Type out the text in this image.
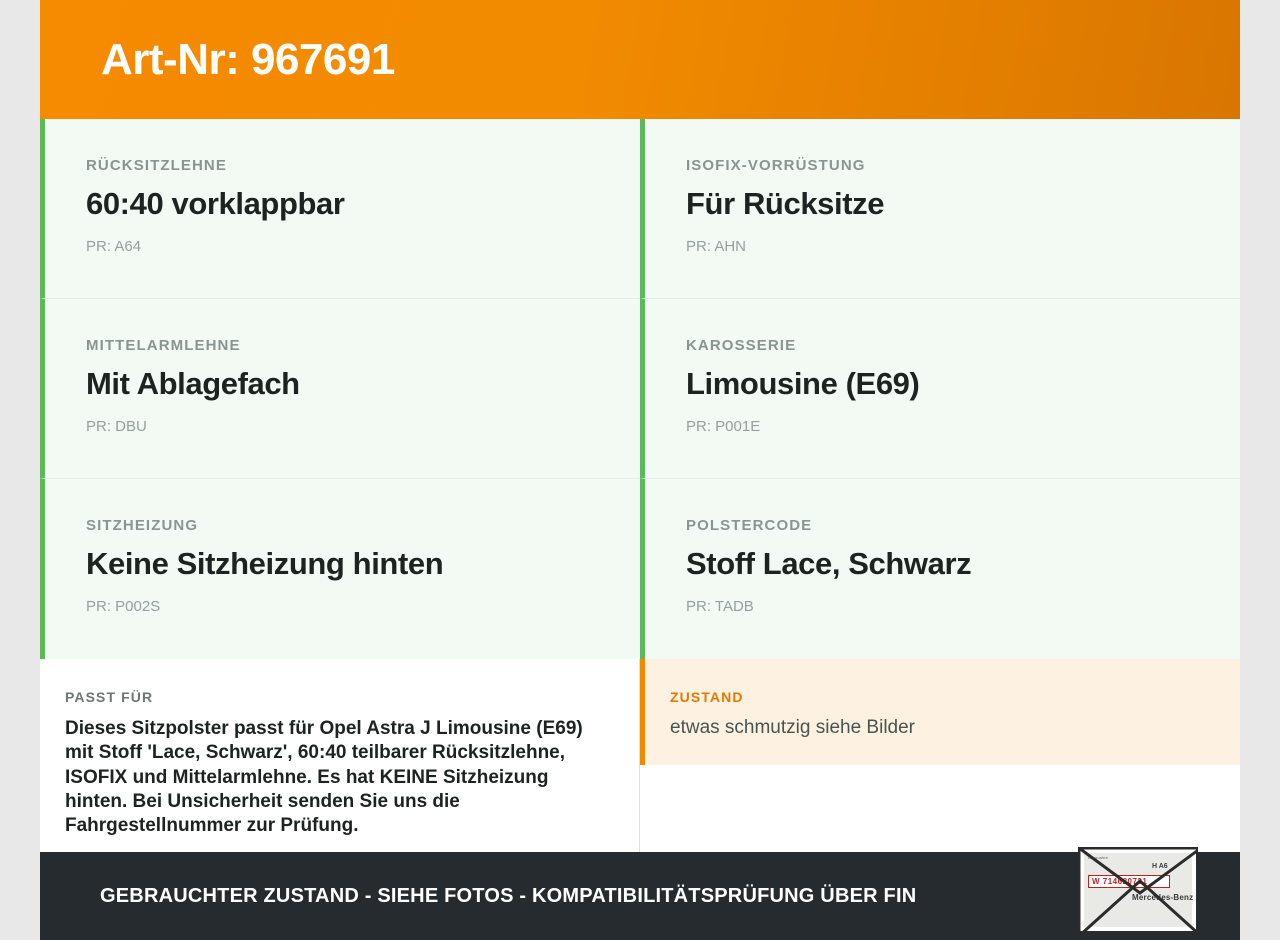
Art-Nr: 967691
RÜCKSITZLEHNE
60:40 vorklappbar
PR: A64
ISOFIX-VORRÜSTUNG
Für Rücksitze
PR: AHN
MITTELARMLEHNE
Mit Ablagefach
PR: DBU
KAROSSERIE
Limousine (E69)
PR: P001E
SITZHEIZUNG
Keine Sitzheizung hinten
PR: P002S
POLSTERCODE
Stoff Lace, Schwarz
PR: TADB
PASST FÜR
Dieses Sitzpolster passt für Opel Astra J Limousine (E69) mit Stoff 'Lace, Schwarz', 60:40 teilbarer Rücksitzlehne, ISOFIX und Mittelarmlehne. Es hat KEINE Sitzheizung hinten. Bei Unsicherheit senden Sie uns die Fahrgestellnummer zur Prüfung.
ZUSTAND
etwas schmutzig siehe Bilder
GEBRAUCHTER ZUSTAND - SIEHE FOTOS - KOMPATIBILITÄTSPRÜFUNG ÜBER FIN
Limousine
H A6
W 714620731
Mercedes-Benz
